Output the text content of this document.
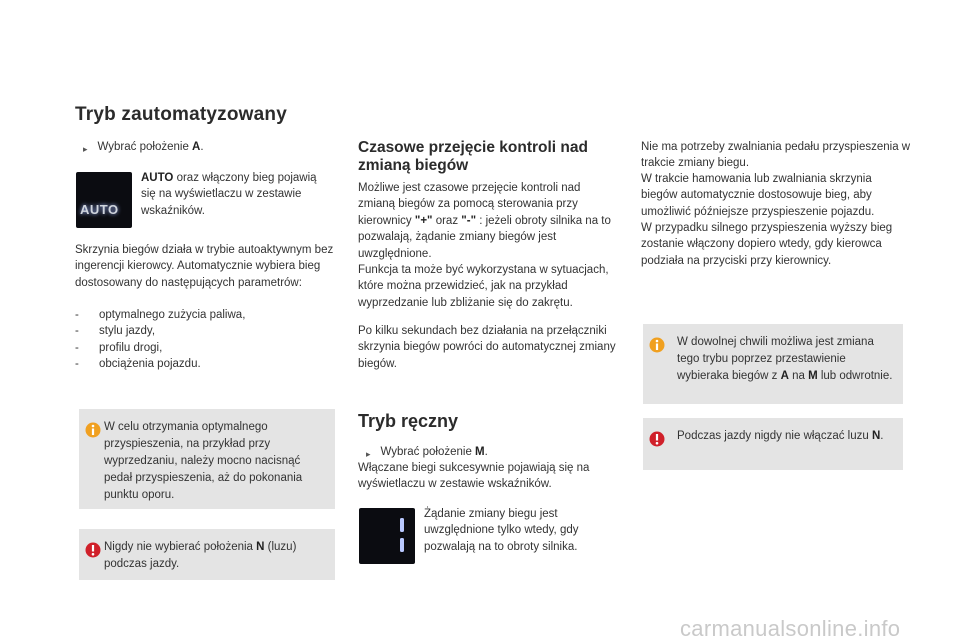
Tryb zautomatyzowany
▸ Wybrać położenie A.
AUTO
AUTO oraz włączony bieg pojawią się na wyświetlaczu w zestawie wskaźników.
Skrzynia biegów działa w trybie autoaktywnym bez ingerencji kierowcy. Automatycznie wybiera bieg dostosowany do następujących parametrów:
-	optymalnego zużycia paliwa,
-	stylu jazdy,
-	profilu drogi,
-	obciążenia pojazdu.
W celu otrzymania optymalnego przyspieszenia, na przykład przy wyprzedzaniu, należy mocno nacisnąć pedał przyspieszenia, aż do pokonania punktu oporu.
Nigdy nie wybierać położenia N (luzu) podczas jazdy.
Czasowe przejęcie kontroli nad zmianą biegów
Możliwe jest czasowe przejęcie kontroli nad zmianą biegów za pomocą sterowania przy kierownicy "+" oraz "-" : jeżeli obroty silnika na to pozwalają, żądanie zmiany biegów jest uwzględnione.
Funkcja ta może być wykorzystana w sytuacjach, które można przewidzieć, jak na przykład wyprzedzanie lub zbliżanie się do zakrętu.
Po kilku sekundach bez działania na przełączniki skrzynia biegów powróci do automatycznej zmiany biegów.
Tryb ręczny
▸ Wybrać położenie M.
Włączane biegi sukcesywnie pojawiają się na wyświetlaczu w zestawie wskaźników.
Żądanie zmiany biegu jest uwzględnione tylko wtedy, gdy pozwalają na to obroty silnika.
Nie ma potrzeby zwalniania pedału przyspieszenia w trakcie zmiany biegu.
W trakcie hamowania lub zwalniania skrzynia biegów automatycznie dostosowuje bieg, aby umożliwić późniejsze przyspieszenie pojazdu.
W przypadku silnego przyspieszenia wyższy bieg zostanie włączony dopiero wtedy, gdy kierowca podziała na przyciski przy kierownicy.
W dowolnej chwili możliwa jest zmiana tego trybu poprzez przestawienie wybieraka biegów z A na M lub odwrotnie.
Podczas jazdy nigdy nie włączać luzu N.
carmanualsonline.info
